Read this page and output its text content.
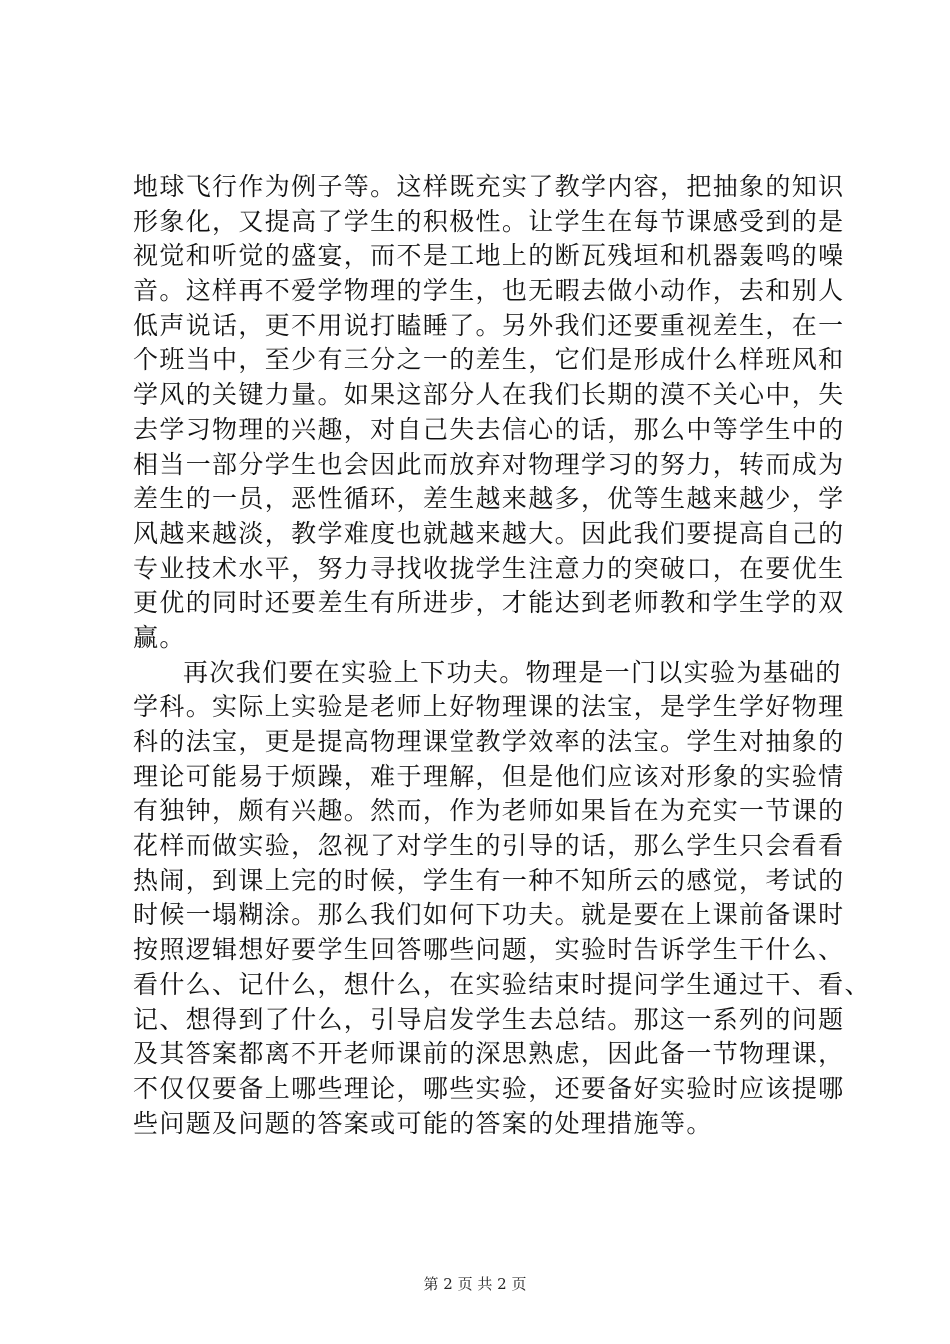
地球飞行作为例子等。这样既充实了教学内容，把抽象的知识
形象化，又提高了学生的积极性。让学生在每节课感受到的是
视觉和听觉的盛宴，而不是工地上的断瓦残垣和机器轰鸣的噪
音。这样再不爱学物理的学生，也无暇去做小动作，去和别人
低声说话，更不用说打瞌睡了。另外我们还要重视差生，在一
个班当中，至少有三分之一的差生，它们是形成什么样班风和
学风的关键力量。如果这部分人在我们长期的漠不关心中，失
去学习物理的兴趣，对自己失去信心的话，那么中等学生中的
相当一部分学生也会因此而放弃对物理学习的努力，转而成为
差生的一员，恶性循环，差生越来越多，优等生越来越少，学
风越来越淡，教学难度也就越来越大。因此我们要提高自己的
专业技术水平，努力寻找收拢学生注意力的突破口，在要优生
更优的同时还要差生有所进步，才能达到老师教和学生学的双
赢。
再次我们要在实验上下功夫。物理是一门以实验为基础的
学科。实际上实验是老师上好物理课的法宝，是学生学好物理
科的法宝，更是提高物理课堂教学效率的法宝。学生对抽象的
理论可能易于烦躁，难于理解，但是他们应该对形象的实验情
有独钟，颇有兴趣。然而，作为老师如果旨在为充实一节课的
花样而做实验，忽视了对学生的引导的话，那么学生只会看看
热闹，到课上完的时候，学生有一种不知所云的感觉，考试的
时候一塌糊涂。那么我们如何下功夫。就是要在上课前备课时
按照逻辑想好要学生回答哪些问题，实验时告诉学生干什么、
看什么、记什么，想什么，在实验结束时提问学生通过干、看、
记、想得到了什么，引导启发学生去总结。那这一系列的问题
及其答案都离不开老师课前的深思熟虑，因此备一节物理课，
不仅仅要备上哪些理论，哪些实验，还要备好实验时应该提哪
些问题及问题的答案或可能的答案的处理措施等。
第 2 页 共 2 页
